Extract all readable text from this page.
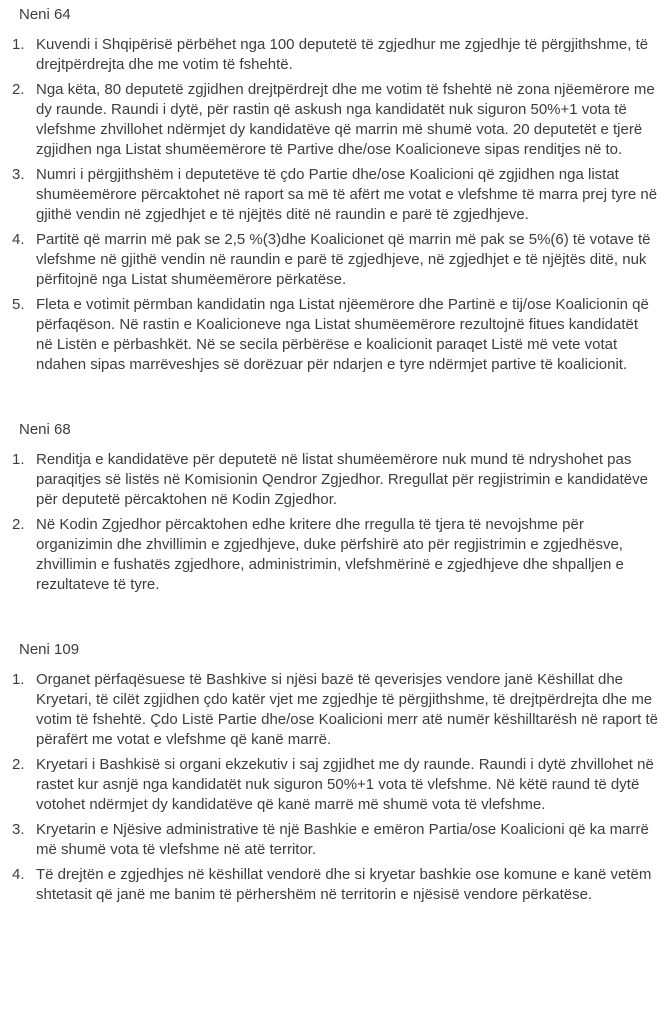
Neni 64
1. Kuvendi i Shqipërisë përbëhet nga 100 deputetë të zgjedhur me zgjedhje të përgjithshme, të drejtpërdrejta dhe me votim të fshehtë.
2. Nga këta, 80 deputetë zgjidhen drejtpërdrejt dhe me votim të fshehtë në zona njëemërore me dy raunde. Raundi i dytë, për rastin që askush nga kandidatët nuk siguron 50%+1 vota të vlefshme zhvillohet ndërmjet dy kandidatëve që marrin më shumë vota. 20 deputetët e tjerë zgjidhen nga Listat shumëemërore të Partive dhe/ose Koalicioneve sipas renditjes në to.
3. Numri i përgjithshëm i deputetëve të çdo Partie dhe/ose Koalicioni që zgjidhen nga listat shumëemërore përcaktohet në raport sa më të afërt me votat e vlefshme të marra prej tyre në gjithë vendin në zgjedhjet e të njëjtës ditë në raundin e parë të zgjedhjeve.
4. Partitë që marrin më pak se 2,5 %(3)dhe Koalicionet që marrin më pak se 5%(6) të votave të vlefshme në gjithë vendin në raundin e parë të zgjedhjeve, në zgjedhjet e të njëjtës ditë, nuk përfitojnë nga Listat shumëemërore përkatëse.
5. Fleta e votimit përmban kandidatin nga Listat njëemërore dhe Partinë e tij/ose Koalicionin që përfaqëson. Në rastin e Koalicioneve nga Listat shumëemërore rezultojnë fitues kandidatët në Listën e përbashkët. Në se secila përbërëse e koalicionit paraqet Listë më vete votat ndahen sipas marrëveshjes së dorëzuar për ndarjen e tyre ndërmjet partive të koalicionit.
Neni 68
1. Renditja e kandidatëve për deputetë në listat shumëemërore nuk mund të ndryshohet pas paraqitjes së listës në Komisionin Qendror Zgjedhor. Rregullat për regjistrimin e kandidatëve për deputetë përcaktohen në Kodin Zgjedhor.
2. Në Kodin Zgjedhor përcaktohen edhe kritere dhe rregulla të tjera të nevojshme për organizimin dhe zhvillimin e zgjedhjeve, duke përfshirë ato për regjistrimin e zgjedhësve, zhvillimin e fushatës zgjedhore, administrimin, vlefshmërinë e zgjedhjeve dhe shpalljen e rezultateve të tyre.
Neni 109
1. Organet përfaqësuese të Bashkive si njësi bazë të qeverisjes vendore janë Këshillat dhe Kryetari, të cilët zgjidhen çdo katër vjet me zgjedhje të përgjithshme, të drejtpërdrejta dhe me votim të fshehtë. Çdo Listë Partie dhe/ose Koalicioni merr atë numër këshilltarësh në raport të përafërt me votat e vlefshme që kanë marrë.
2. Kryetari i Bashkisë si organi ekzekutiv i saj zgjidhet me dy raunde. Raundi i dytë zhvillohet në rastet kur asnjë nga kandidatët nuk siguron 50%+1 vota të vlefshme. Në këtë raund të dytë votohet ndërmjet dy kandidatëve që kanë marrë më shumë vota të vlefshme.
3. Kryetarin e Njësive administrative të një Bashkie e emëron Partia/ose Koalicioni që ka marrë më shumë vota të vlefshme në atë territor.
4. Të drejtën e zgjedhjes në këshillat vendorë dhe si kryetar bashkie ose komune e kanë vetëm shtetasit që janë me banim të përhershëm në territorin e njësisë vendore përkatëse.
